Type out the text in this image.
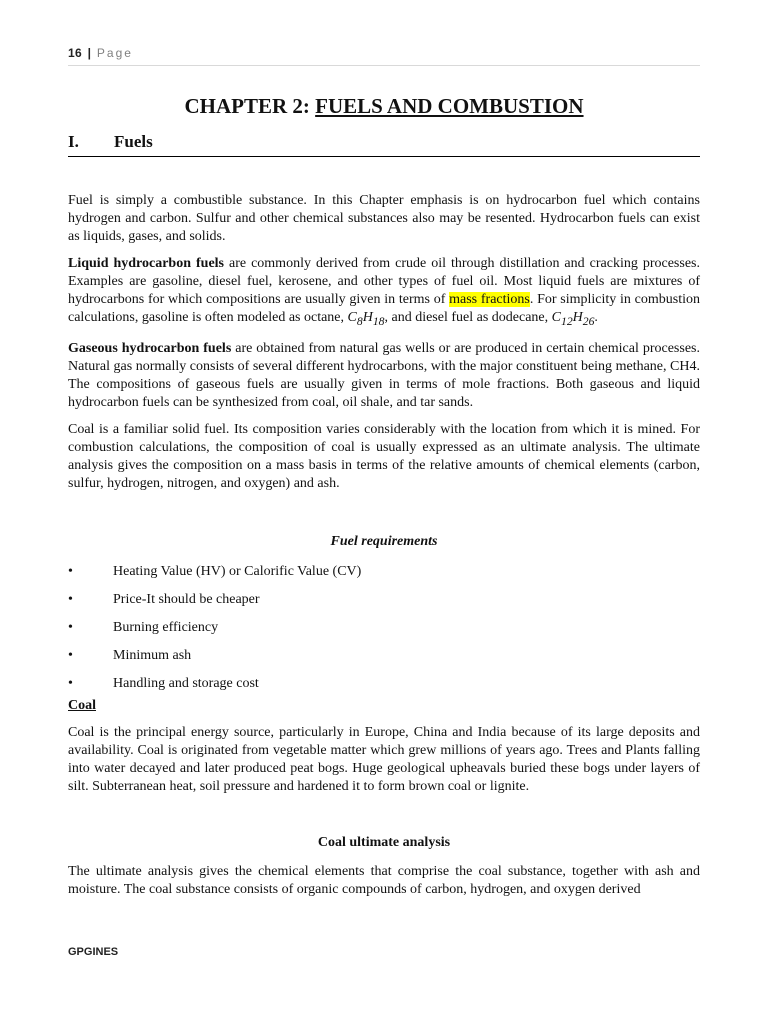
16 | Page
CHAPTER 2: FUELS AND COMBUSTION
I. Fuels

Fuel is simply a combustible substance. In this Chapter emphasis is on hydrocarbon fuel which contains hydrogen and carbon. Sulfur and other chemical substances also may be resented. Hydrocarbon fuels can exist as liquids, gases, and solids.

Liquid hydrocarbon fuels are commonly derived from crude oil through distillation and cracking processes. Examples are gasoline, diesel fuel, kerosene, and other types of fuel oil. Most liquid fuels are mixtures of hydrocarbons for which compositions are usually given in terms of mass fractions. For simplicity in combustion calculations, gasoline is often modeled as octane, $C_8H_{18}$, and diesel fuel as dodecane, $C_{12}H_{26}$.

Gaseous hydrocarbon fuels are obtained from natural gas wells or are produced in certain chemical processes. Natural gas normally consists of several different hydrocarbons, with the major constituent being methane, CH4. The compositions of gaseous fuels are usually given in terms of mole fractions. Both gaseous and liquid hydrocarbon fuels can be synthesized from coal, oil shale, and tar sands.

Coal is a familiar solid fuel. Its composition varies considerably with the location from which it is mined. For combustion calculations, the composition of coal is usually expressed as an ultimate analysis. The ultimate analysis gives the composition on a mass basis in terms of the relative amounts of chemical elements (carbon, sulfur, hydrogen, nitrogen, and oxygen) and ash.

Fuel requirements
•	Heating Value (HV) or Calorific Value (CV)
•	Price-It should be cheaper
•	Burning efficiency
•	Minimum ash
•	Handling and storage cost
Coal

Coal is the principal energy source, particularly in Europe, China and India because of its large deposits and availability. Coal is originated from vegetable matter which grew millions of years ago. Trees and Plants falling into water decayed and later produced peat bogs. Huge geological upheavals buried these bogs under layers of silt. Subterranean heat, soil pressure and hardened it to form brown coal or lignite.

Coal ultimate analysis

The ultimate analysis gives the chemical elements that comprise the coal substance, together with ash and moisture. The coal substance consists of organic compounds of carbon, hydrogen, and oxygen derived

GPGINES
